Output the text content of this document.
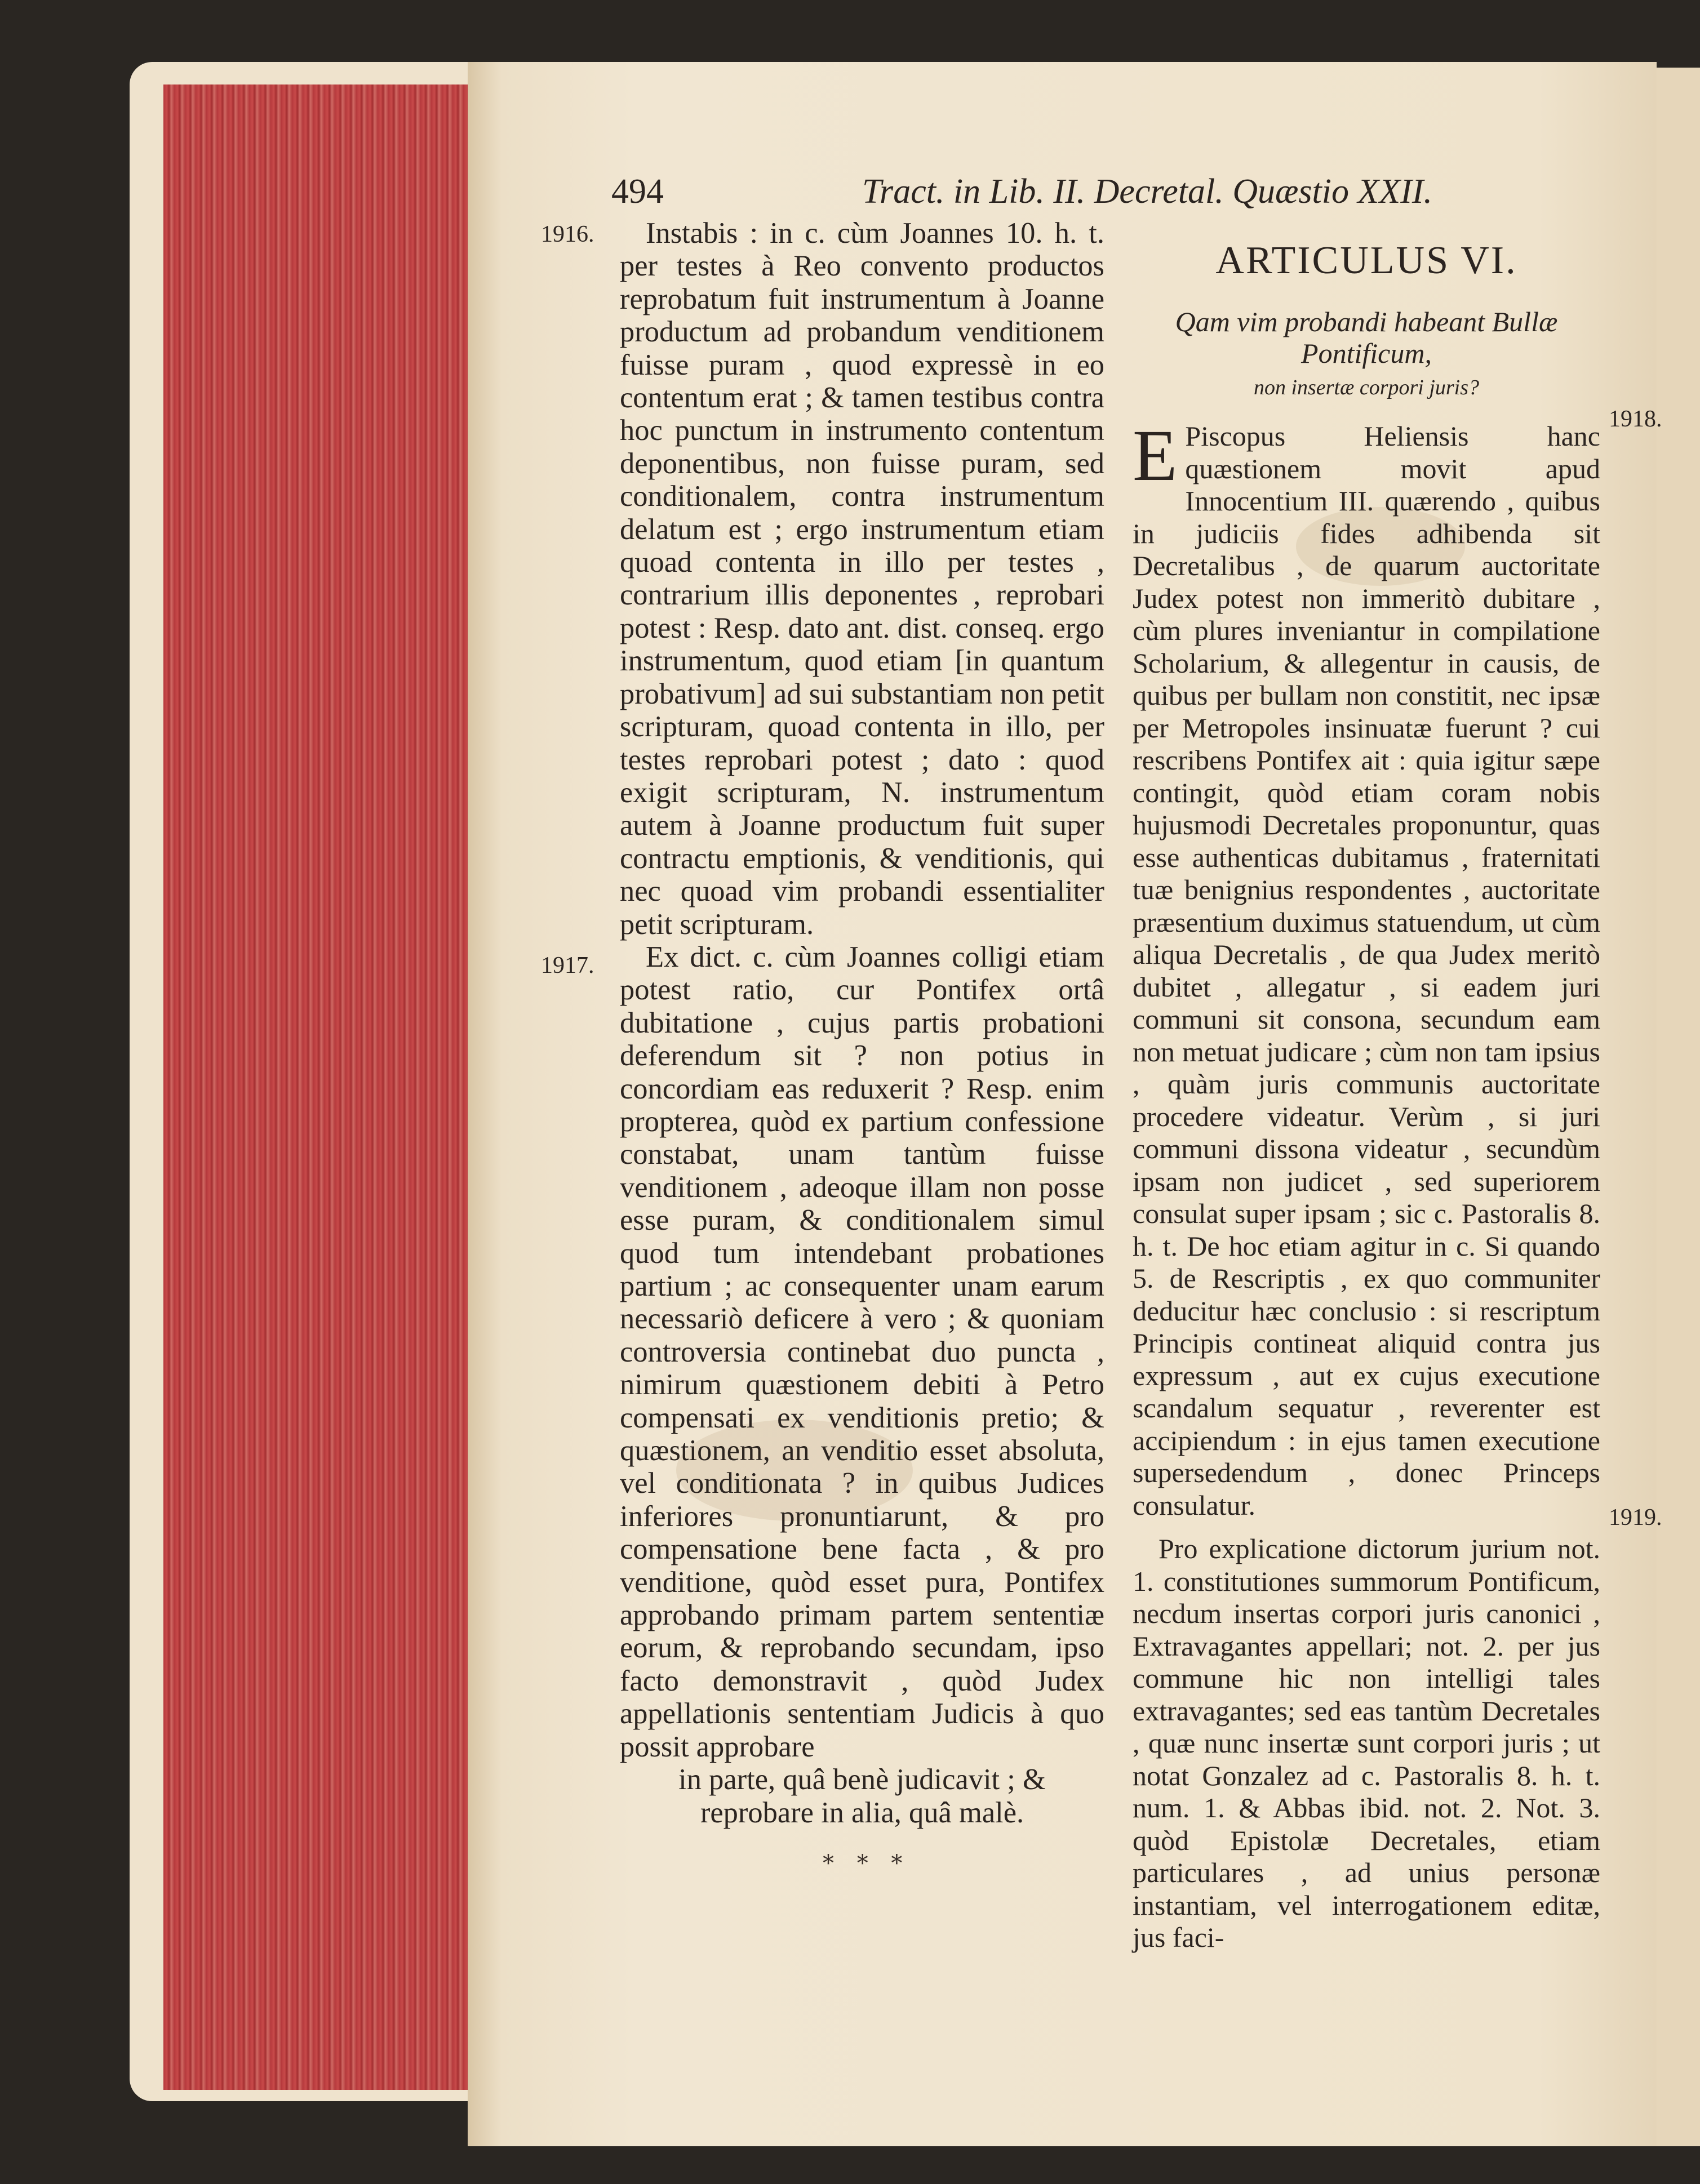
494	Tract. in Lib. II. Decretal. Quæstio XXII.
1916.
1917.
1918.
1919.

Instabis : in c. cùm Joannes 10. h. t. per testes à Reo convento productos reprobatum fuit instrumentum à Joanne productum ad probandum venditionem fuisse puram , quod expressè in eo contentum erat ; & tamen testibus contra hoc punctum in instrumento contentum deponentibus, non fuisse puram, sed conditionalem, contra instrumentum delatum est ; ergo instrumentum etiam quoad contenta in illo per testes , contrarium illis deponentes , reprobari potest : Resp. dato ant. dist. conseq. ergo instrumentum, quod etiam [in quantum probativum] ad sui substantiam non petit scripturam, quoad contenta in illo, per testes reprobari potest ; dato : quod exigit scripturam, N. instrumentum autem à Joanne productum fuit super contractu emptionis, & venditionis, qui nec quoad vim probandi essentialiter petit scripturam.

Ex dict. c. cùm Joannes colligi etiam potest ratio, cur Pontifex ortâ dubitatione , cujus partis probationi deferendum sit ? non potius in concordiam eas reduxerit ? Resp. enim propterea, quòd ex partium confessione constabat, unam tantùm fuisse venditionem , adeoque illam non posse esse puram, & conditionalem simul quod tum intendebant probationes partium ; ac consequenter unam earum necessariò deficere à vero ; & quoniam controversia continebat duo puncta , nimirum quæstionem debiti à Petro compensati ex venditionis pretio; & quæstionem, an venditio esset absoluta, vel conditionata ? in quibus Judices inferiores pronuntiarunt, & pro compensatione bene facta , & pro venditione, quòd esset pura, Pontifex approbando primam partem sententiæ eorum, & reprobando secundam, ipso facto demonstravit , quòd Judex appellationis sententiam Judicis à quo possit approbare

in parte, quâ benè judicavit ; & reprobare in alia, quâ malè.

* * *
ARTICULUS VI.
Qam vim probandi habeant Bullæ Pontificum,
non insertæ corpori juris?

E Piscopus Heliensis hanc quæstionem movit apud Innocentium III. quærendo , quibus in judiciis fides adhibenda sit Decretalibus , de quarum auctoritate Judex potest non immeritò dubitare , cùm plures inveniantur in compilatione Scholarium, & allegentur in causis, de quibus per bullam non constitit, nec ipsæ per Metropoles insinuatæ fuerunt ? cui rescribens Pontifex ait : quia igitur sæpe contingit, quòd etiam coram nobis hujusmodi Decretales proponuntur, quas esse authenticas dubitamus , fraternitati tuæ benignius respondentes , auctoritate præsentium duximus statuendum, ut cùm aliqua Decretalis , de qua Judex meritò dubitet , allegatur , si eadem juri communi sit consona, secundum eam non metuat judicare ; cùm non tam ipsius , quàm juris communis auctoritate procedere videatur. Verùm , si juri communi dissona videatur , secundùm ipsam non judicet , sed superiorem consulat super ipsam ; sic c. Pastoralis 8. h. t. De hoc etiam agitur in c. Si quando 5. de Rescriptis , ex quo communiter deducitur hæc conclusio : si rescriptum Principis contineat aliquid contra jus expressum , aut ex cujus executione scandalum sequatur , reverenter est accipiendum : in ejus tamen executione supersedendum , donec Princeps consulatur.

Pro explicatione dictorum jurium not. 1. constitutiones summorum Pontificum, necdum insertas corpori juris canonici , Extravagantes appellari; not. 2. per jus commune hic non intelligi tales extravagantes; sed eas tantùm Decretales , quæ nunc insertæ sunt corpori juris ; ut notat Gonzalez ad c. Pastoralis 8. h. t. num. 1. & Abbas ibid. not. 2. Not. 3. quòd Epistolæ Decretales, etiam particulares , ad unius personæ instantiam, vel interrogationem editæ, jus faci-
